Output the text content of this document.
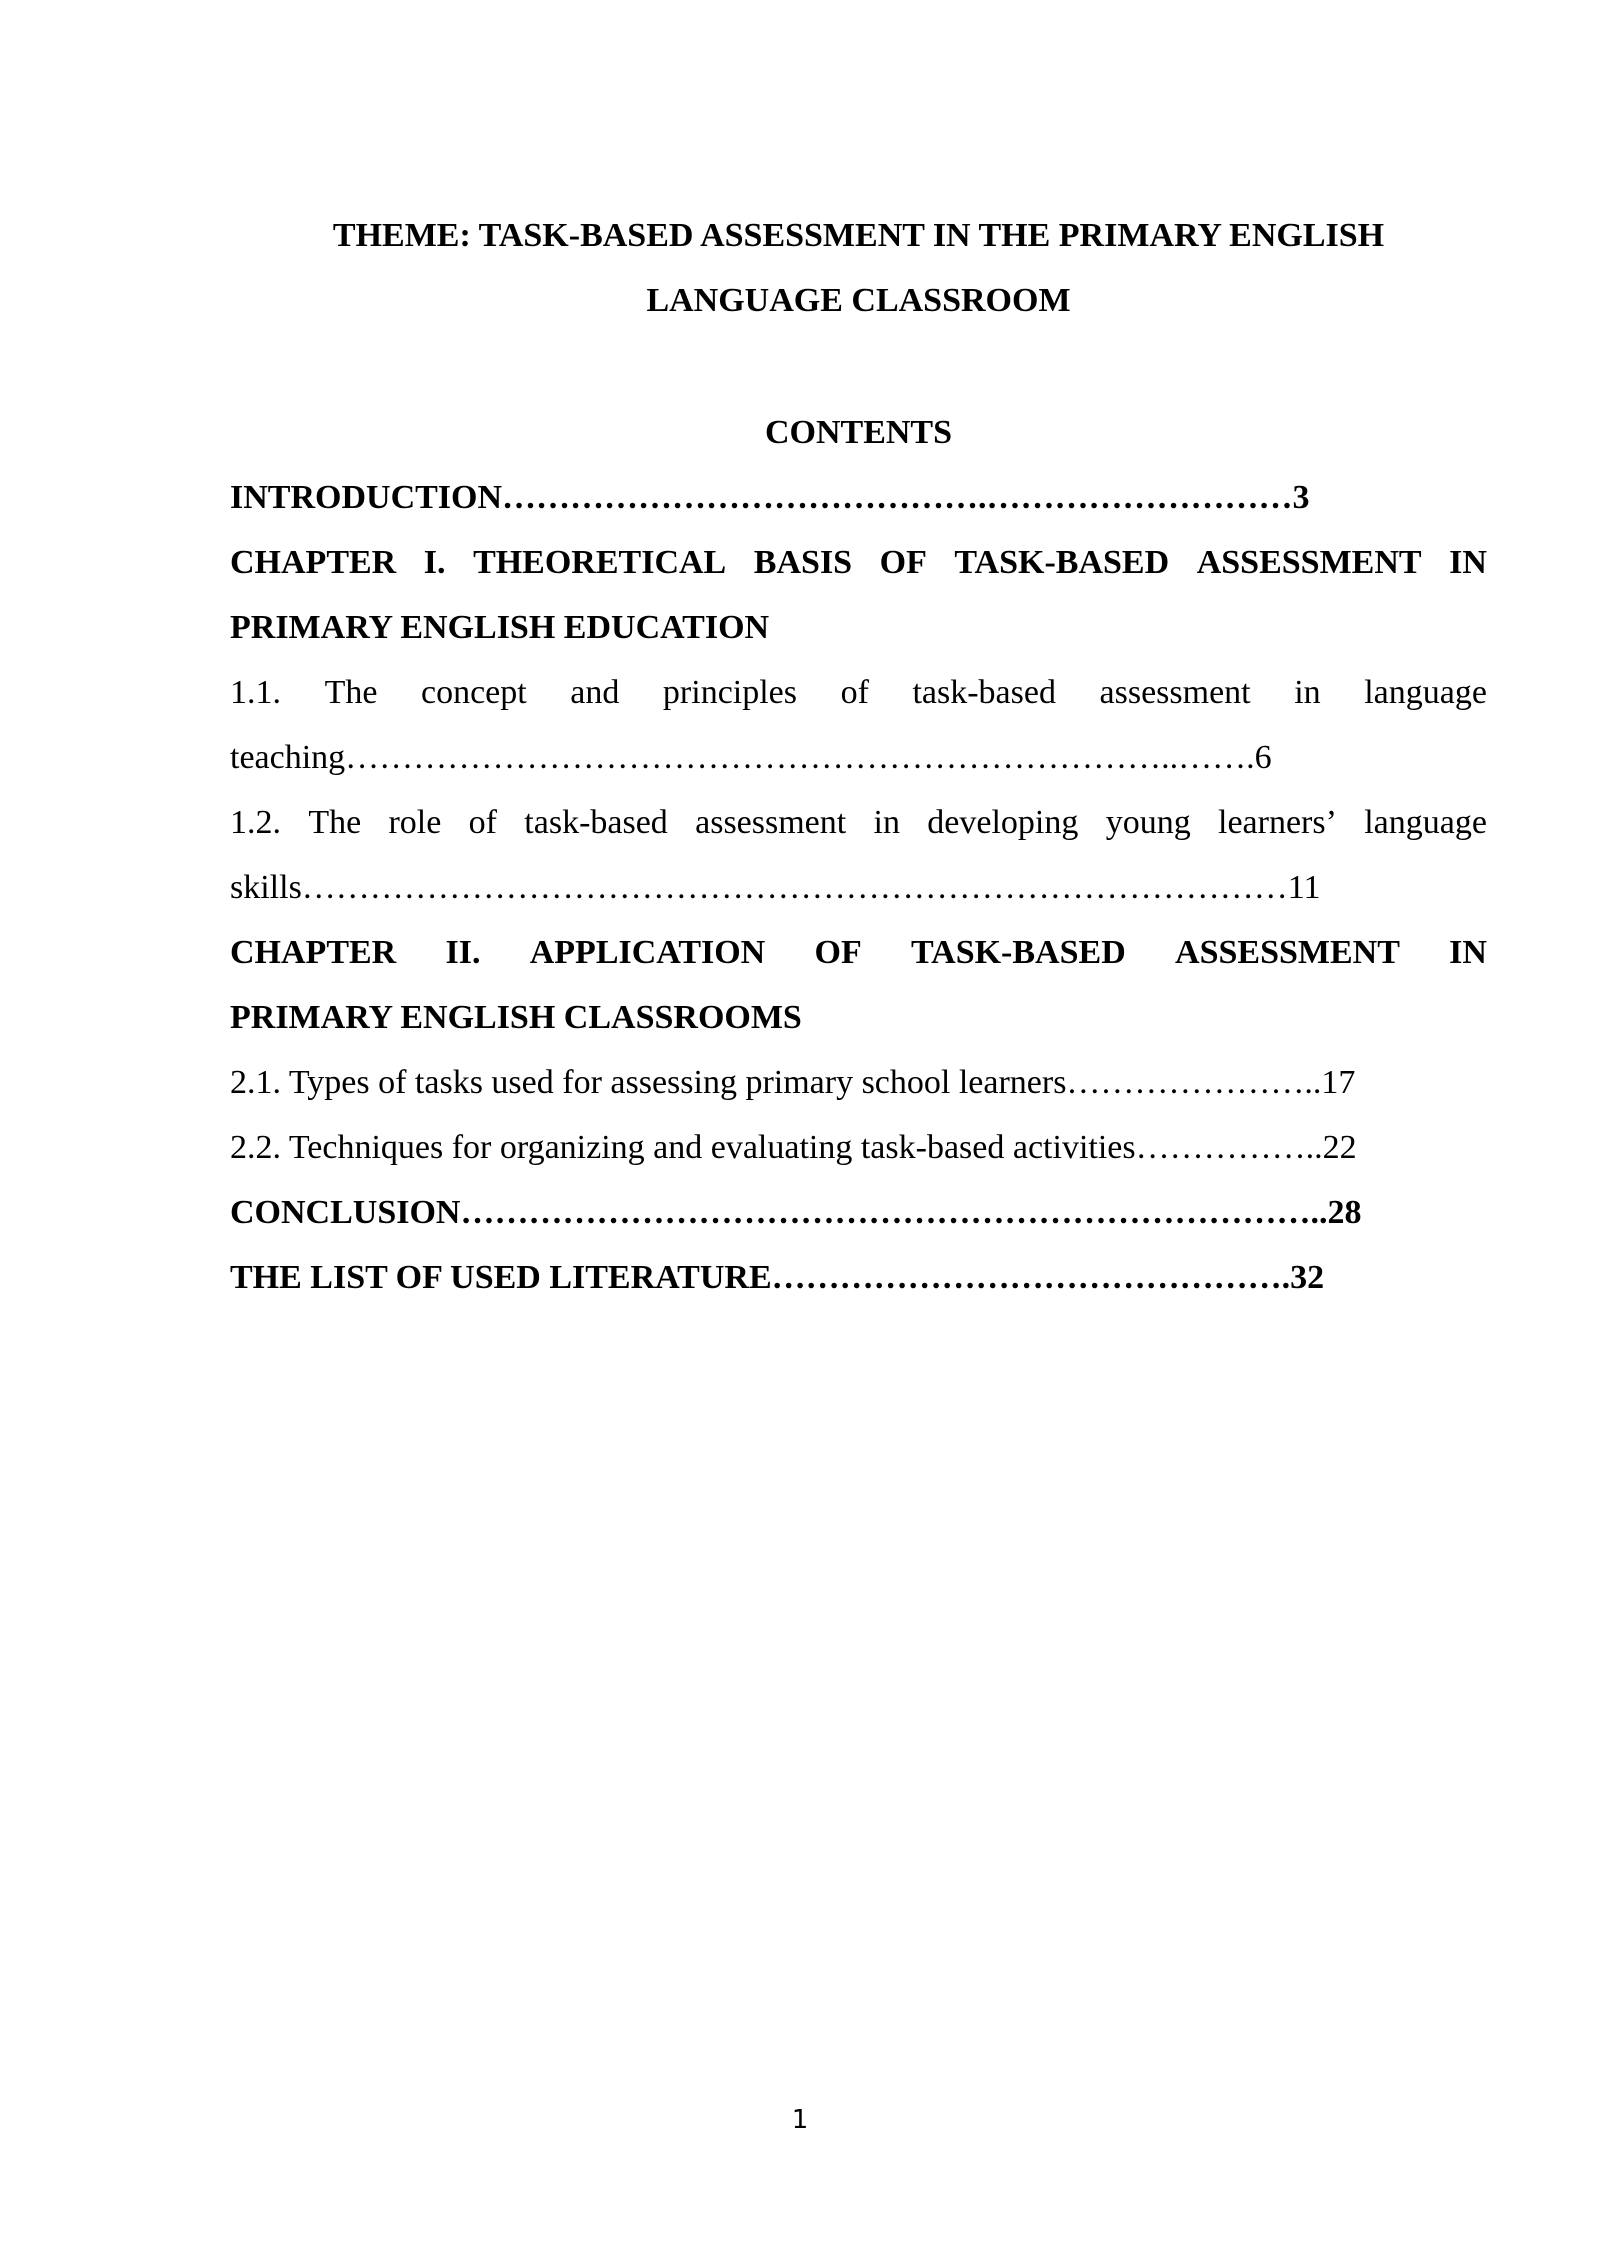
THEME: TASK-BASED ASSESSMENT IN THE PRIMARY ENGLISH
LANGUAGE CLASSROOM
CONTENTS
INTRODUCTION…………………………………….………………………3
CHAPTER I. THEORETICAL BASIS OF TASK-BASED ASSESSMENT IN
PRIMARY ENGLISH EDUCATION
1.1. The concept and principles of task-based assessment in language
teaching………………………………………………………………..…….6
1.2. The role of task-based assessment in developing young learners’ language
skills……………………………………………………………………………11
CHAPTER II. APPLICATION OF TASK-BASED ASSESSMENT IN
PRIMARY ENGLISH CLASSROOMS
2.1. Types of tasks used for assessing primary school learners…………………..17
2.2. Techniques for organizing and evaluating task-based activities……………..22
CONCLUSION…………………………………………………………………..28
THE LIST OF USED LITERATURE……………………………………….32
1
